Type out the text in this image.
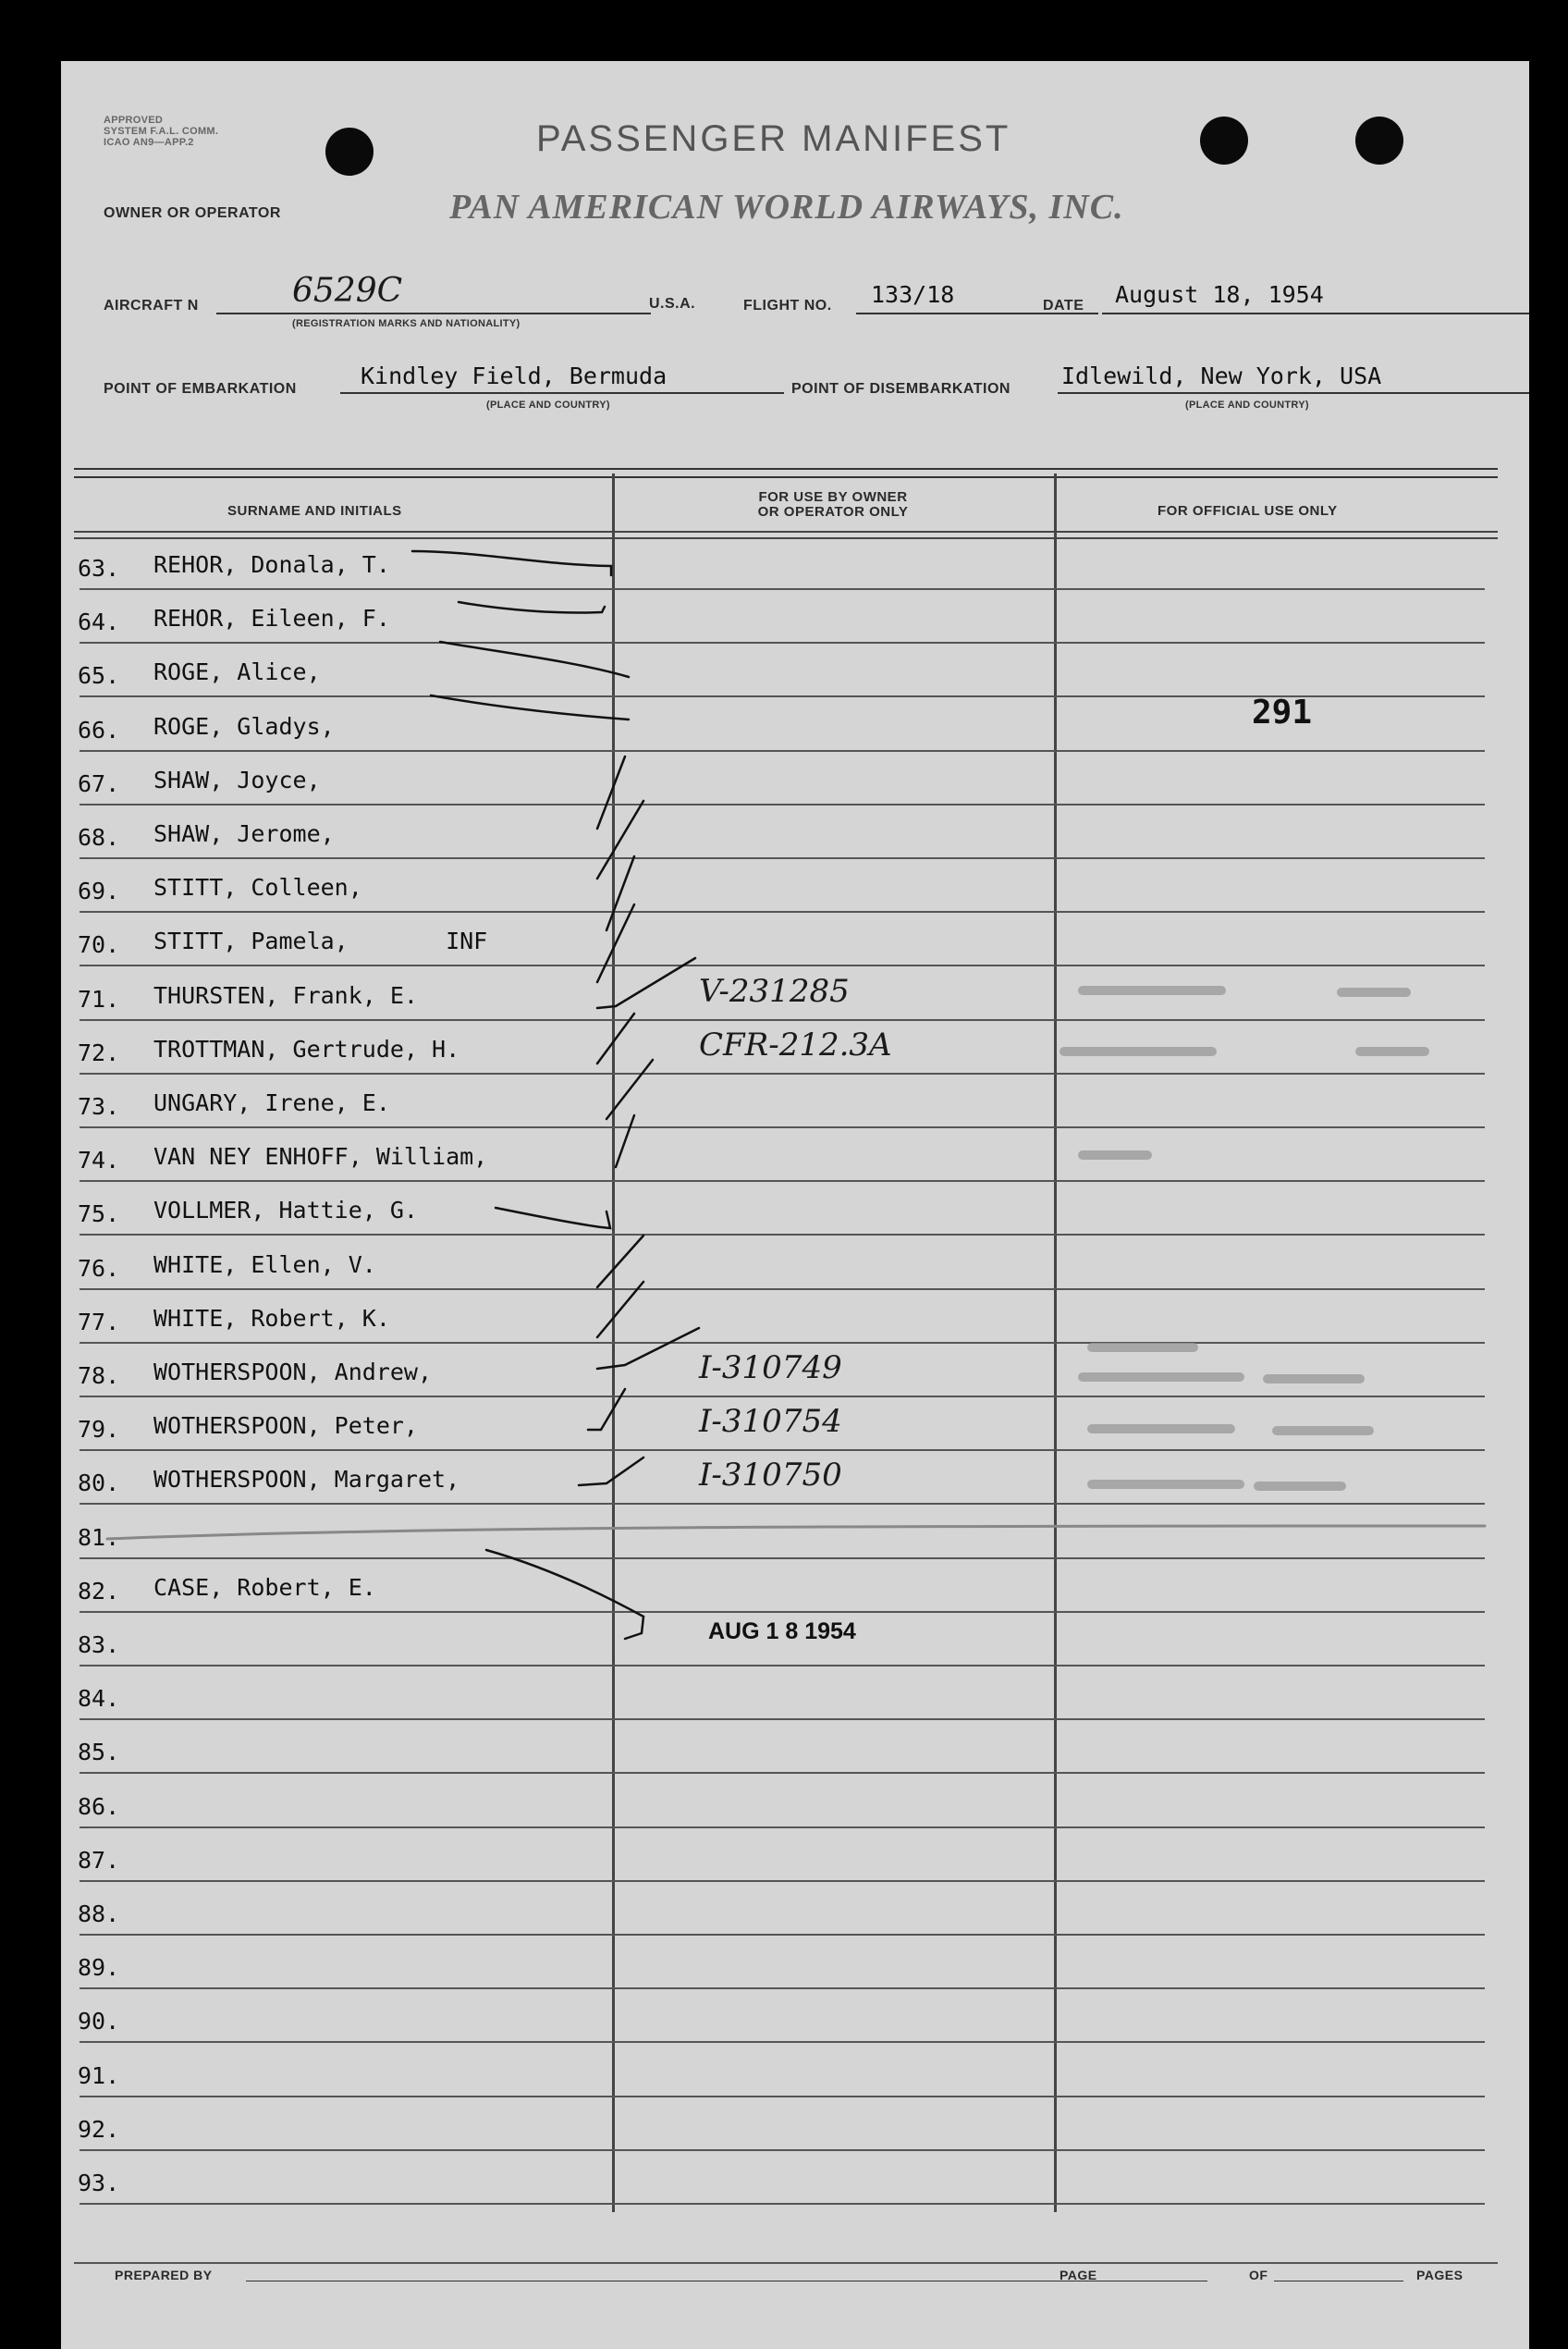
APPROVED
SYSTEM F.A.L. COMM.
ICAO AN9—APP.2	PASSENGER MANIFEST
OWNER OR OPERATOR	PAN AMERICAN WORLD AIRWAYS, INC.
AIRCRAFT N	6529C
(REGISTRATION MARKS AND NATIONALITY)
U.S.A.	FLIGHT NO. 133/18	DATE August 18, 1954
POINT OF EMBARKATION	Kindley Field, Bermuda
(PLACE AND COUNTRY)
POINT OF DISEMBARKATION Idlewild, New York, USA
(PLACE AND COUNTRY)
SURNAME AND INITIALS
FOR USE BY OWNER
OR OPERATOR ONLY	FOR OFFICIAL USE ONLY
63. REHOR, Donala, T.
64. REHOR, Eileen, F.
65. ROGE, Alice,
66. ROGE, Gladys,
67. SHAW, Joyce,
68. SHAW, Jerome,
69. STITT, Colleen,
70. STITT, Pamela,       INF
71. THURSTEN, Frank, E.	V-231285
72. TROTTMAN, Gertrude, H.	CFR-212.3A
73. UNGARY, Irene, E.
74. VAN NEY ENHOFF, William,
75. VOLLMER, Hattie, G.
76. WHITE, Ellen, V.
77. WHITE, Robert, K.
78. WOTHERSPOON, Andrew,	I-310749
79. WOTHERSPOON, Peter,	I-310754
80. WOTHERSPOON, Margaret,	I-310750
81.
82. CASE, Robert, E.
83.
84.
85.
86.
87.
88.
89.
90.
91.
92.
93.
291
AUG 1 8 1954
PREPARED BY	PAGE	OF	PAGES
